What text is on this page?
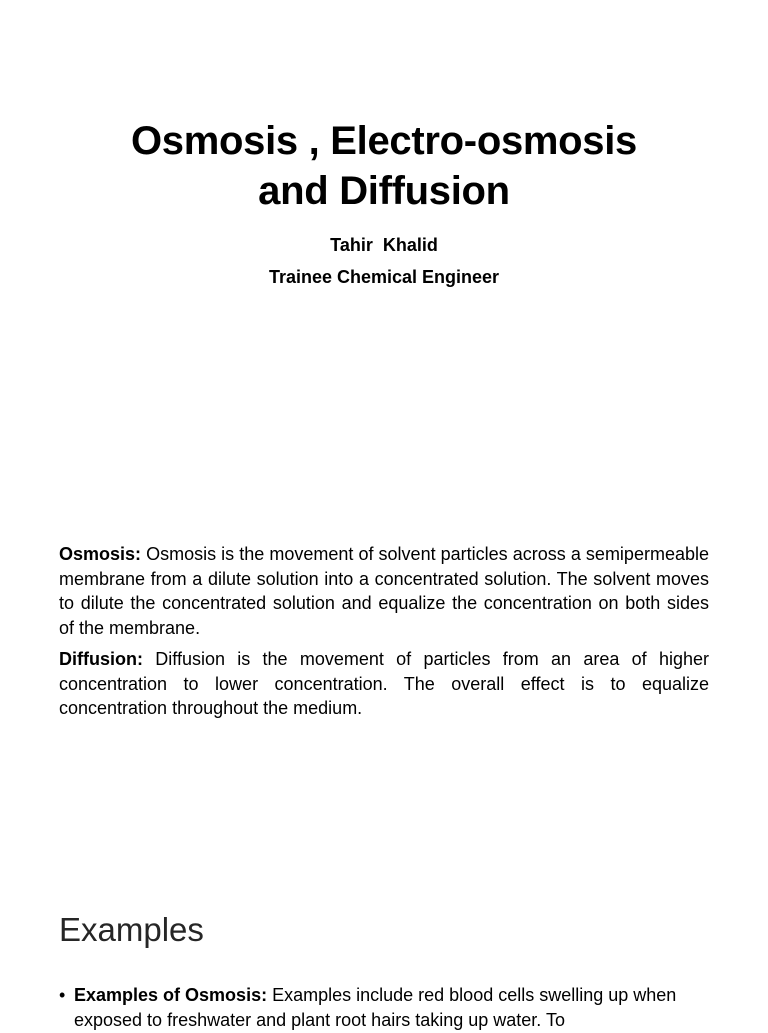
Osmosis , Electro-osmosis
and Diffusion
Tahir  Khalid
Trainee Chemical Engineer

Osmosis: Osmosis is the movement of solvent particles across a semipermeable membrane from a dilute solution into a concentrated solution. The solvent moves to dilute the concentrated solution and equalize the concentration on both sides of the membrane.

Diffusion: Diffusion is the movement of particles from an area of higher concentration to lower concentration. The overall effect is to equalize concentration throughout the medium.

Examples
• Examples of Osmosis: Examples include red blood cells swelling up when exposed to freshwater and plant root hairs taking up water. To
